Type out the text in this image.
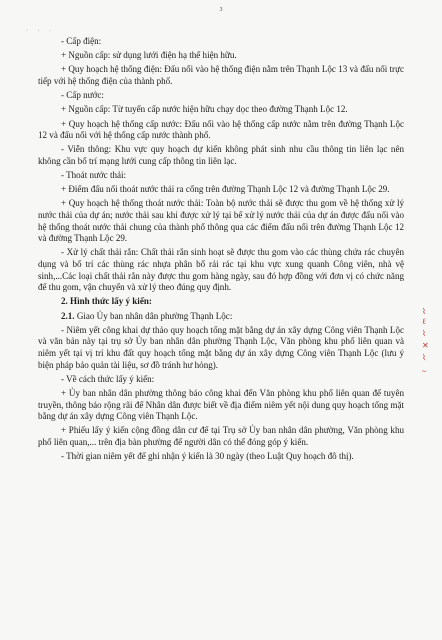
3
· · ·

- Cấp điện:

+ Nguồn cấp: sử dụng lưới điện hạ thế hiện hữu.

+ Quy hoạch hệ thống điện: Đấu nối vào hệ thống điện nằm trên Thạnh Lộc 13 và đấu nối trực tiếp với hệ thống điện của thành phố.

- Cấp nước:

+ Nguồn cấp: Từ tuyến cấp nước hiện hữu chạy dọc theo đường Thạnh Lộc 12.

+ Quy hoạch hệ thống cấp nước: Đấu nối vào hệ thống cấp nước nằm trên đường Thạnh Lộc 12 và đấu nối với hệ thống cấp nước thành phố.

- Viễn thông: Khu vực quy hoạch dự kiến không phát sinh nhu cầu thông tin liên lạc nên không cần bố trí mạng lưới cung cấp thông tin liên lạc.

- Thoát nước thải:

+ Điểm đấu nối thoát nước thải ra cống trên đường Thạnh Lộc 12 và đường Thạnh Lộc 29.

+ Quy hoạch hệ thống thoát nước thải: Toàn bộ nước thải sẽ được thu gom về hệ thống xử lý nước thải của dự án; nước thải sau khi được xử lý tại bể xử lý nước thải của dự án được đấu nối vào hệ thống thoát nước thải chung của thành phố thông qua các điểm đấu nối trên đường Thạnh Lộc 12 và đường Thạnh Lộc 29.

- Xử lý chất thải rắn: Chất thải rắn sinh hoạt sẽ được thu gom vào các thùng chứa rác chuyên dụng và bố trí các thùng rác nhựa phân bố rải rác tại khu vực xung quanh Công viên, nhà vệ sinh,...Các loại chất thải rắn này được thu gom hàng ngày, sau đó hợp đồng với đơn vị có chức năng để thu gom, vận chuyển và xử lý theo đúng quy định.

2. Hình thức lấy ý kiến:

2.1. Giao Ủy ban nhân dân phường Thạnh Lộc:

- Niêm yết công khai dự thảo quy hoạch tổng mặt bằng dự án xây dựng Công viên Thạnh Lộc và văn bản này tại trụ sở Ủy ban nhân dân phường Thạnh Lộc, Văn phòng khu phố liên quan và niêm yết tại vị trí khu đất quy hoạch tổng mặt bằng dự án xây dựng Công viên Thạnh Lộc (lưu ý biện pháp bảo quản tài liệu, sơ đồ tránh hư hỏng).

- Về cách thức lấy ý kiến:

+ Ủy ban nhân dân phường thông báo công khai đến Văn phòng khu phố liên quan để tuyên truyền, thông báo rộng rãi để Nhân dân được biết về địa điểm niêm yết nội dung quy hoạch tổng mặt bằng dự án xây dựng Công viên Thạnh Lộc.

+ Phiếu lấy ý kiến cộng đồng dân cư để tại Trụ sở Ủy ban nhân dân phường, Văn phòng khu phố liên quan,... trên địa bàn phường để người dân có thể đóng góp ý kiến.

- Thời gian niêm yết để ghi nhận ý kiến là 30 ngày (theo Luật Quy hoạch đô thị).

⌇
ℓ
⌇
✕
⌇
~
